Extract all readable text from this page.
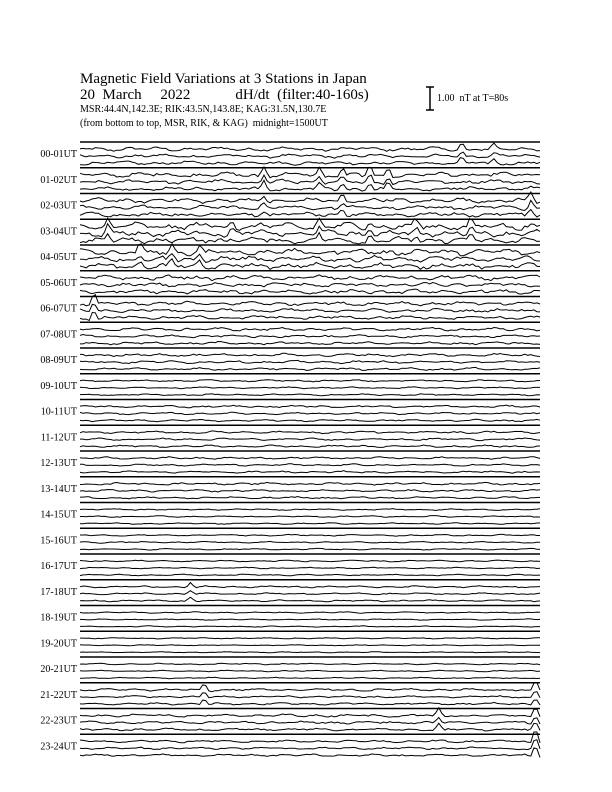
Magnetic Field Variations at 3 Stations in Japan
20  March     2022	dH/dt  (filter:40-160s)
MSR:44.4N,142.3E; RIK:43.5N,143.8E; KAG:31.5N,130.7E
(from bottom to top, MSR, RIK, & KAG)  midnight=1500UT
1.00  nT at T=80s
00-01UT
01-02UT
02-03UT
03-04UT
04-05UT
05-06UT
06-07UT
07-08UT
08-09UT
09-10UT
10-11UT
11-12UT
12-13UT
13-14UT
14-15UT
15-16UT
16-17UT
17-18UT
18-19UT
19-20UT
20-21UT
21-22UT
22-23UT
23-24UT
